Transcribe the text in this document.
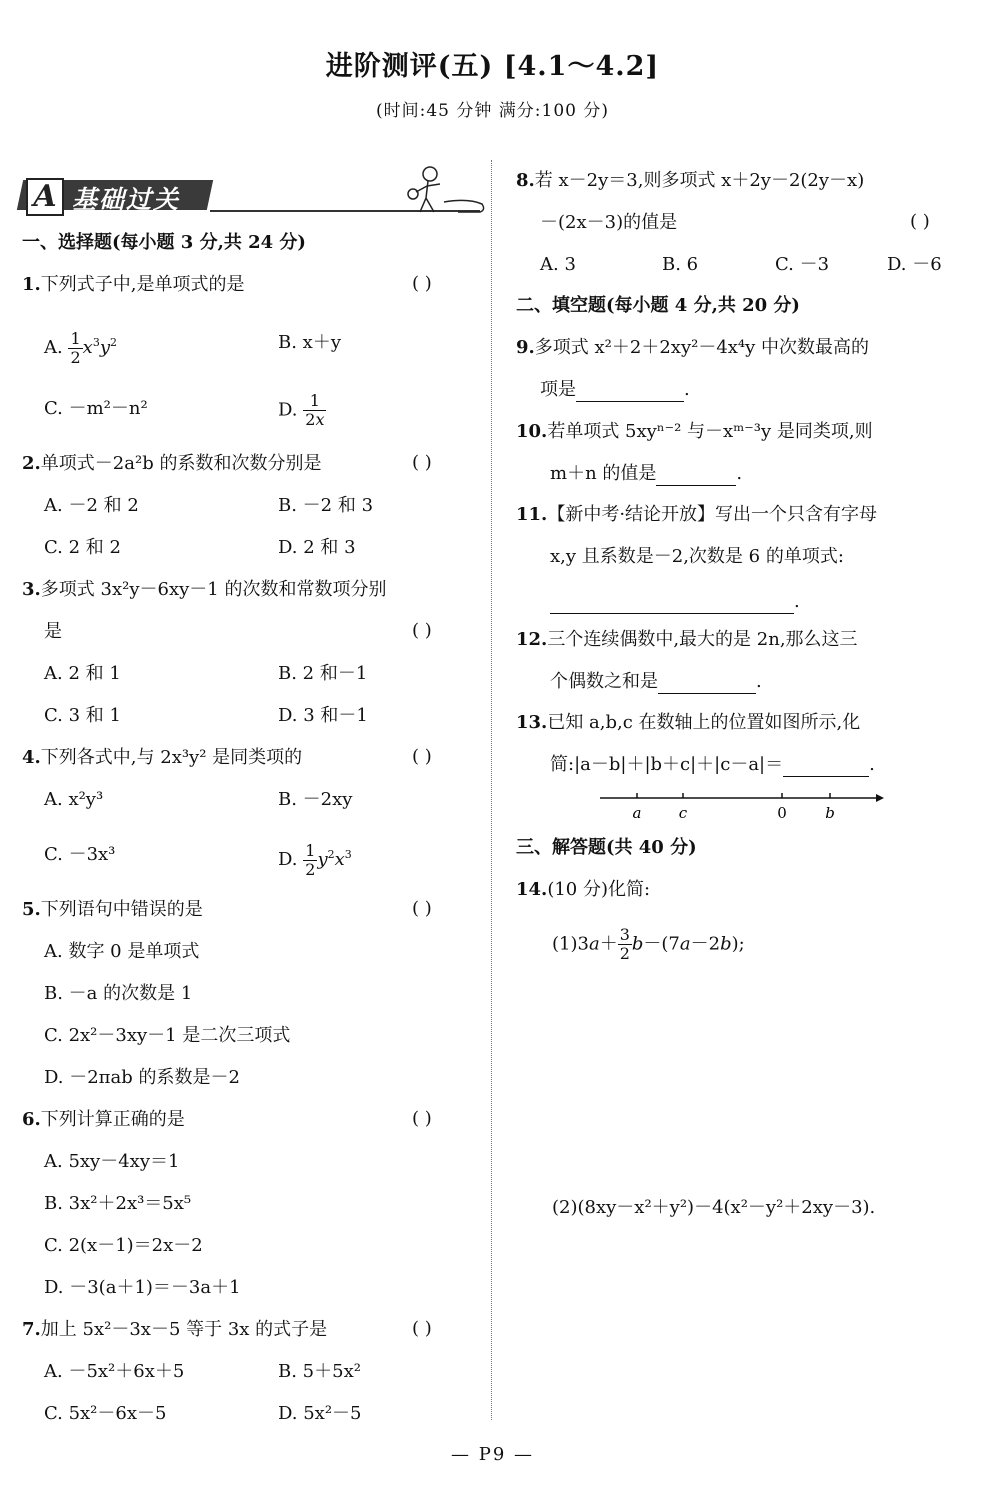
进阶测评(五) [4.1～4.2]
(时间:45 分钟 满分:100 分)
A 基础过关
一、选择题(每小题 3 分,共 24 分)
1.下列式子中,是单项式的是	( )
A. $\frac{1}{2} x^3y^2$	B. x＋y
C. －m²－n²	D. $\frac{1}{2x}$
2.单项式－2a²b 的系数和次数分别是	( )
A. －2 和 2	B. －2 和 3
C. 2 和 2	D. 2 和 3
3.多项式 3x²y－6xy－1 的次数和常数项分别
是	( )
A. 2 和 1	B. 2 和－1
C. 3 和 1	D. 3 和－1
4.下列各式中,与 2x³y² 是同类项的	( )
A. x²y³	B. －2xy
C. －3x³	D. $\frac{1}{2} y^2x^3$
5.下列语句中错误的是	( )
A. 数字 0 是单项式
B. －a 的次数是 1
C. 2x²－3xy－1 是二次三项式
D. －2πab 的系数是－2
6.下列计算正确的是	( )
A. 5xy－4xy＝1
B. 3x²＋2x³＝5x⁵
C. 2(x－1)＝2x－2
D. －3(a＋1)＝－3a＋1
7.加上 5x²－3x－5 等于 3x 的式子是	( )
A. －5x²＋6x＋5	B. 5＋5x²
C. 5x²－6x－5	D. 5x²－5
8.若 x－2y＝3,则多项式 x＋2y－2(2y－x)
－(2x－3)的值是	( )
A. 3	B. 6	C. －3	D. －6
二、填空题(每小题 4 分,共 20 分)
9.多项式 x²＋2＋2xy²－4x⁴y 中次数最高的
项是	.
10.若单项式 5xyⁿ⁻² 与－xᵐ⁻³y 是同类项,则
m＋n 的值是	.
11.【新中考·结论开放】写出一个只含有字母
x,y 且系数是－2,次数是 6 的单项式:
.
12.三个连续偶数中,最大的是 2n,那么这三
个偶数之和是	.
13.已知 a,b,c 在数轴上的位置如图所示,化
简:|a－b|＋|b＋c|＋|c－a|＝	.
a c	0	b
三、解答题(共 40 分)
14.(10 分)化简:
$(1)3a+ \frac{3}{2} b-(7a-2b)$;
(2)(8xy－x²＋y²)－4(x²－y²＋2xy－3).
— P9 —
